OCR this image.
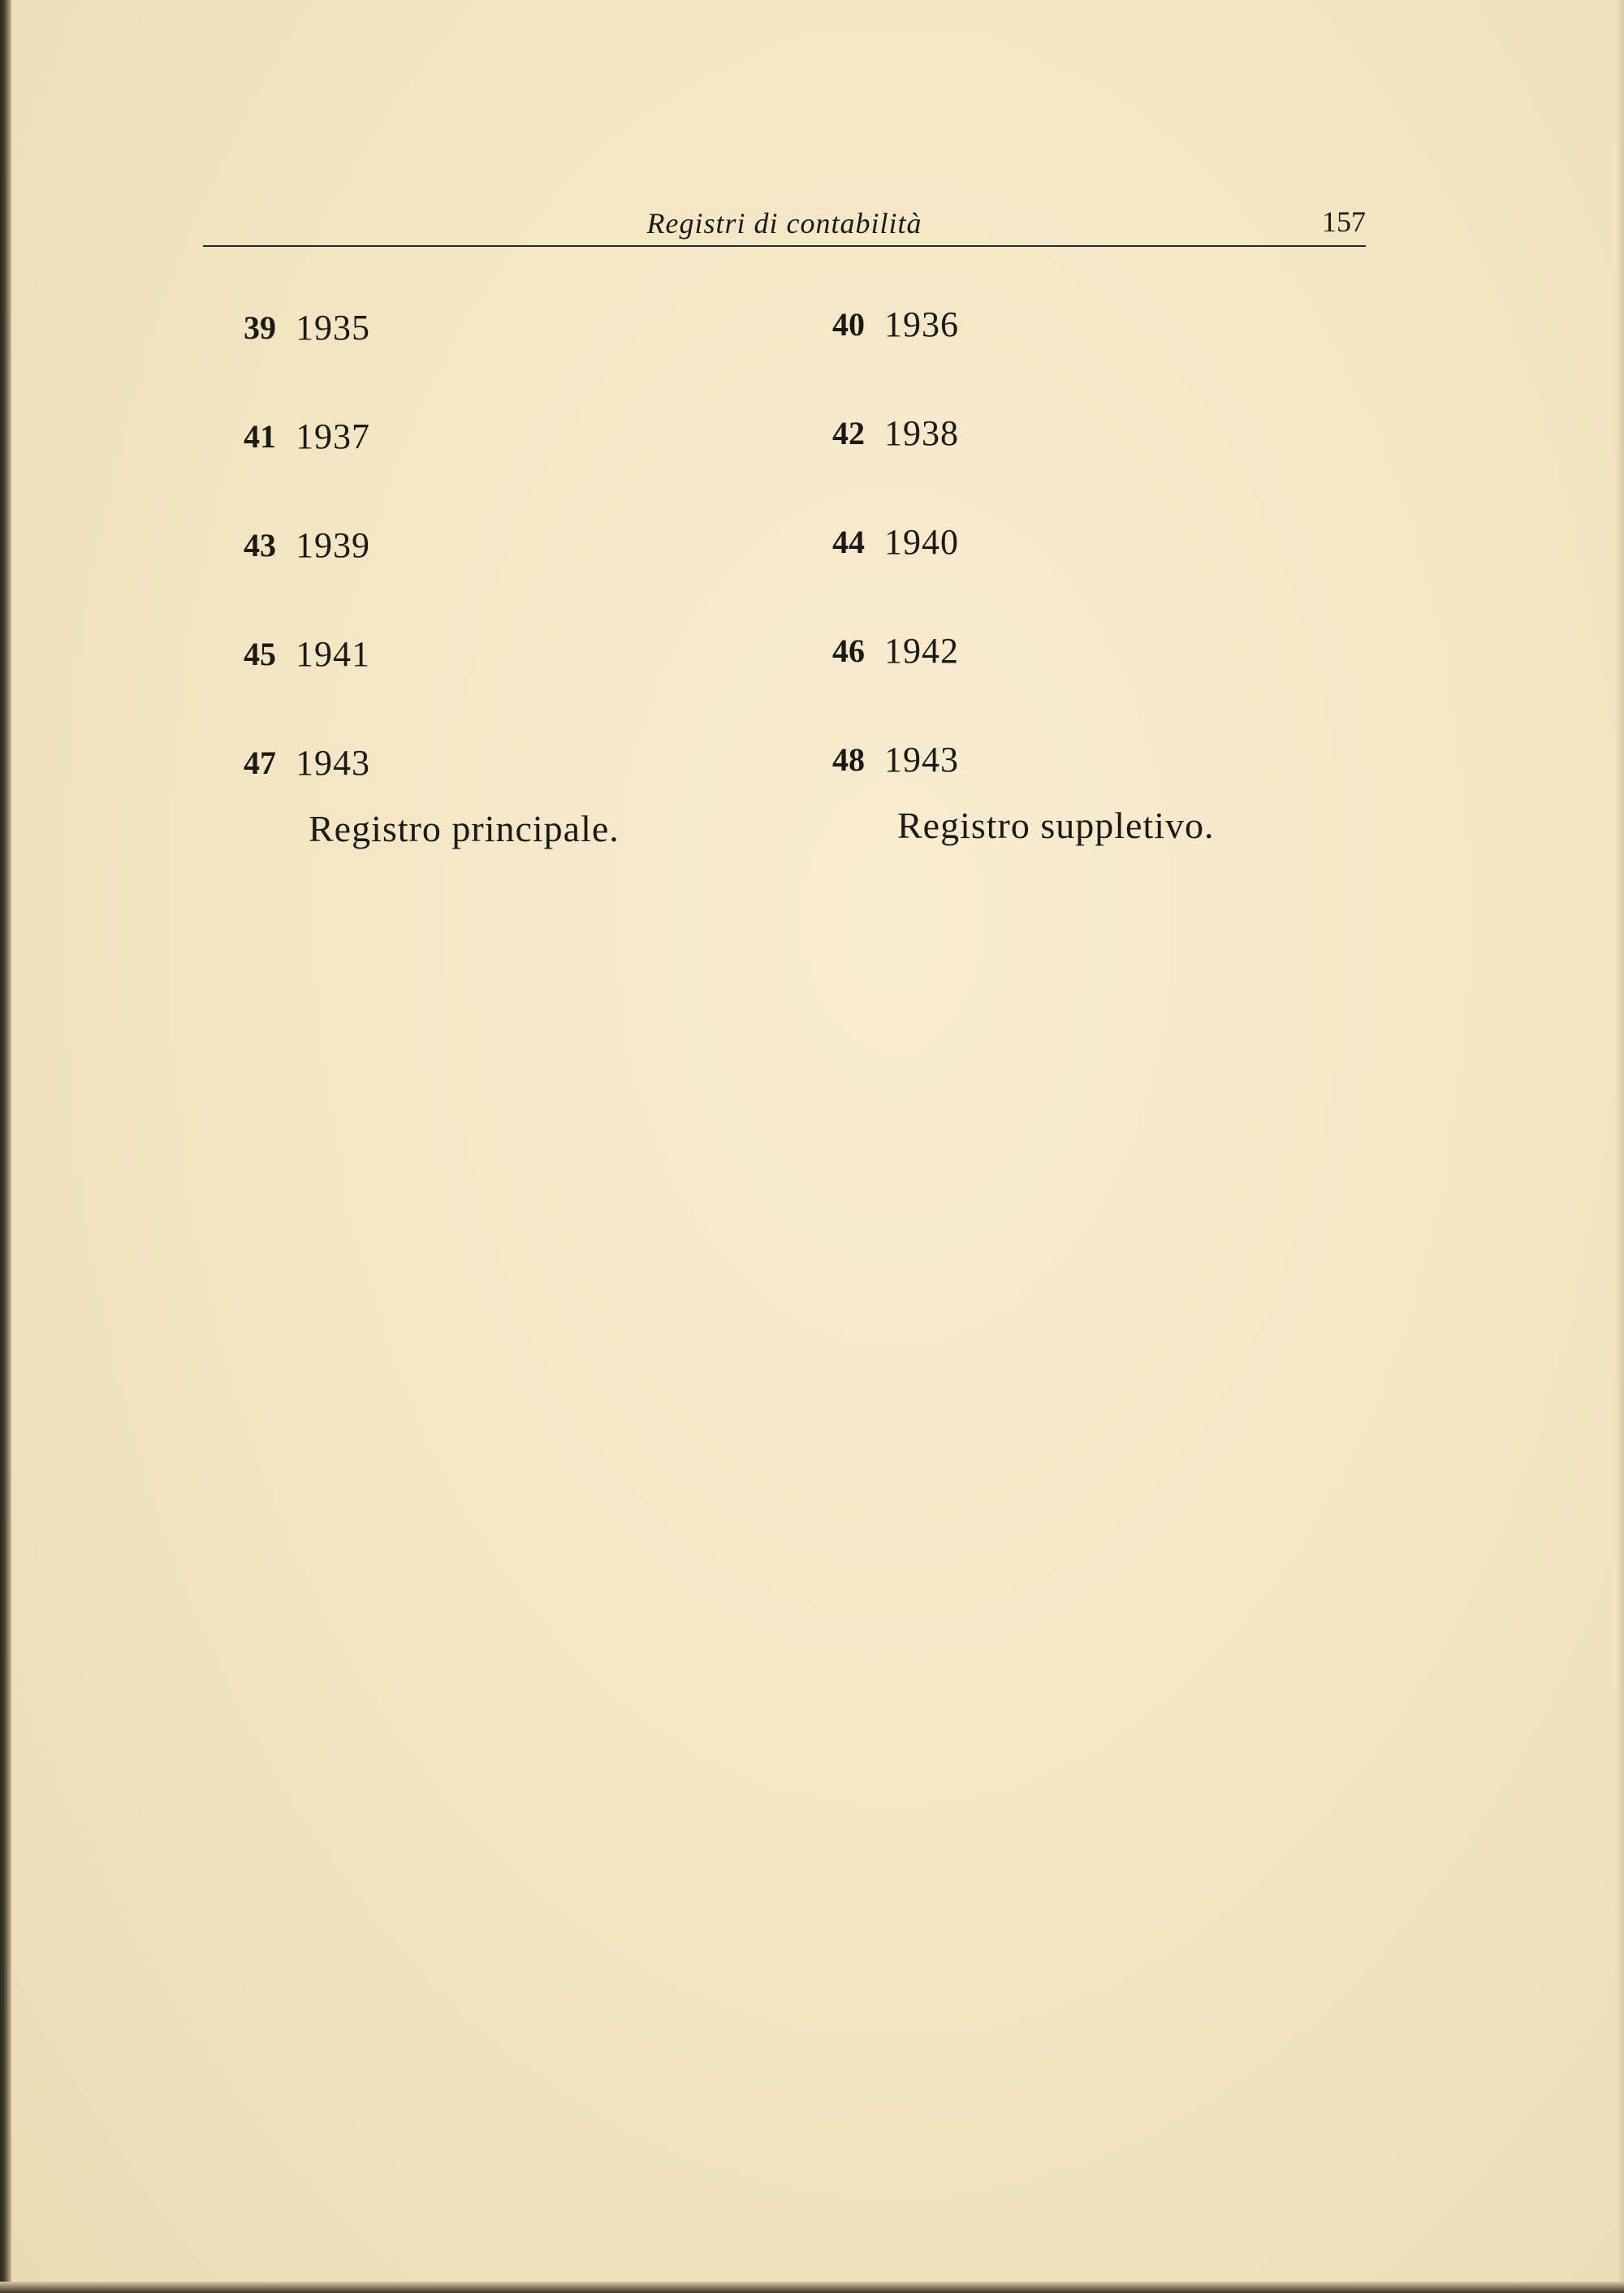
Registri di contabilità	157
39 1935
41 1937
43 1939
45 1941
47 1943
Registro principale.
40 1936
42 1938
44 1940
46 1942
48 1943
Registro suppletivo.
